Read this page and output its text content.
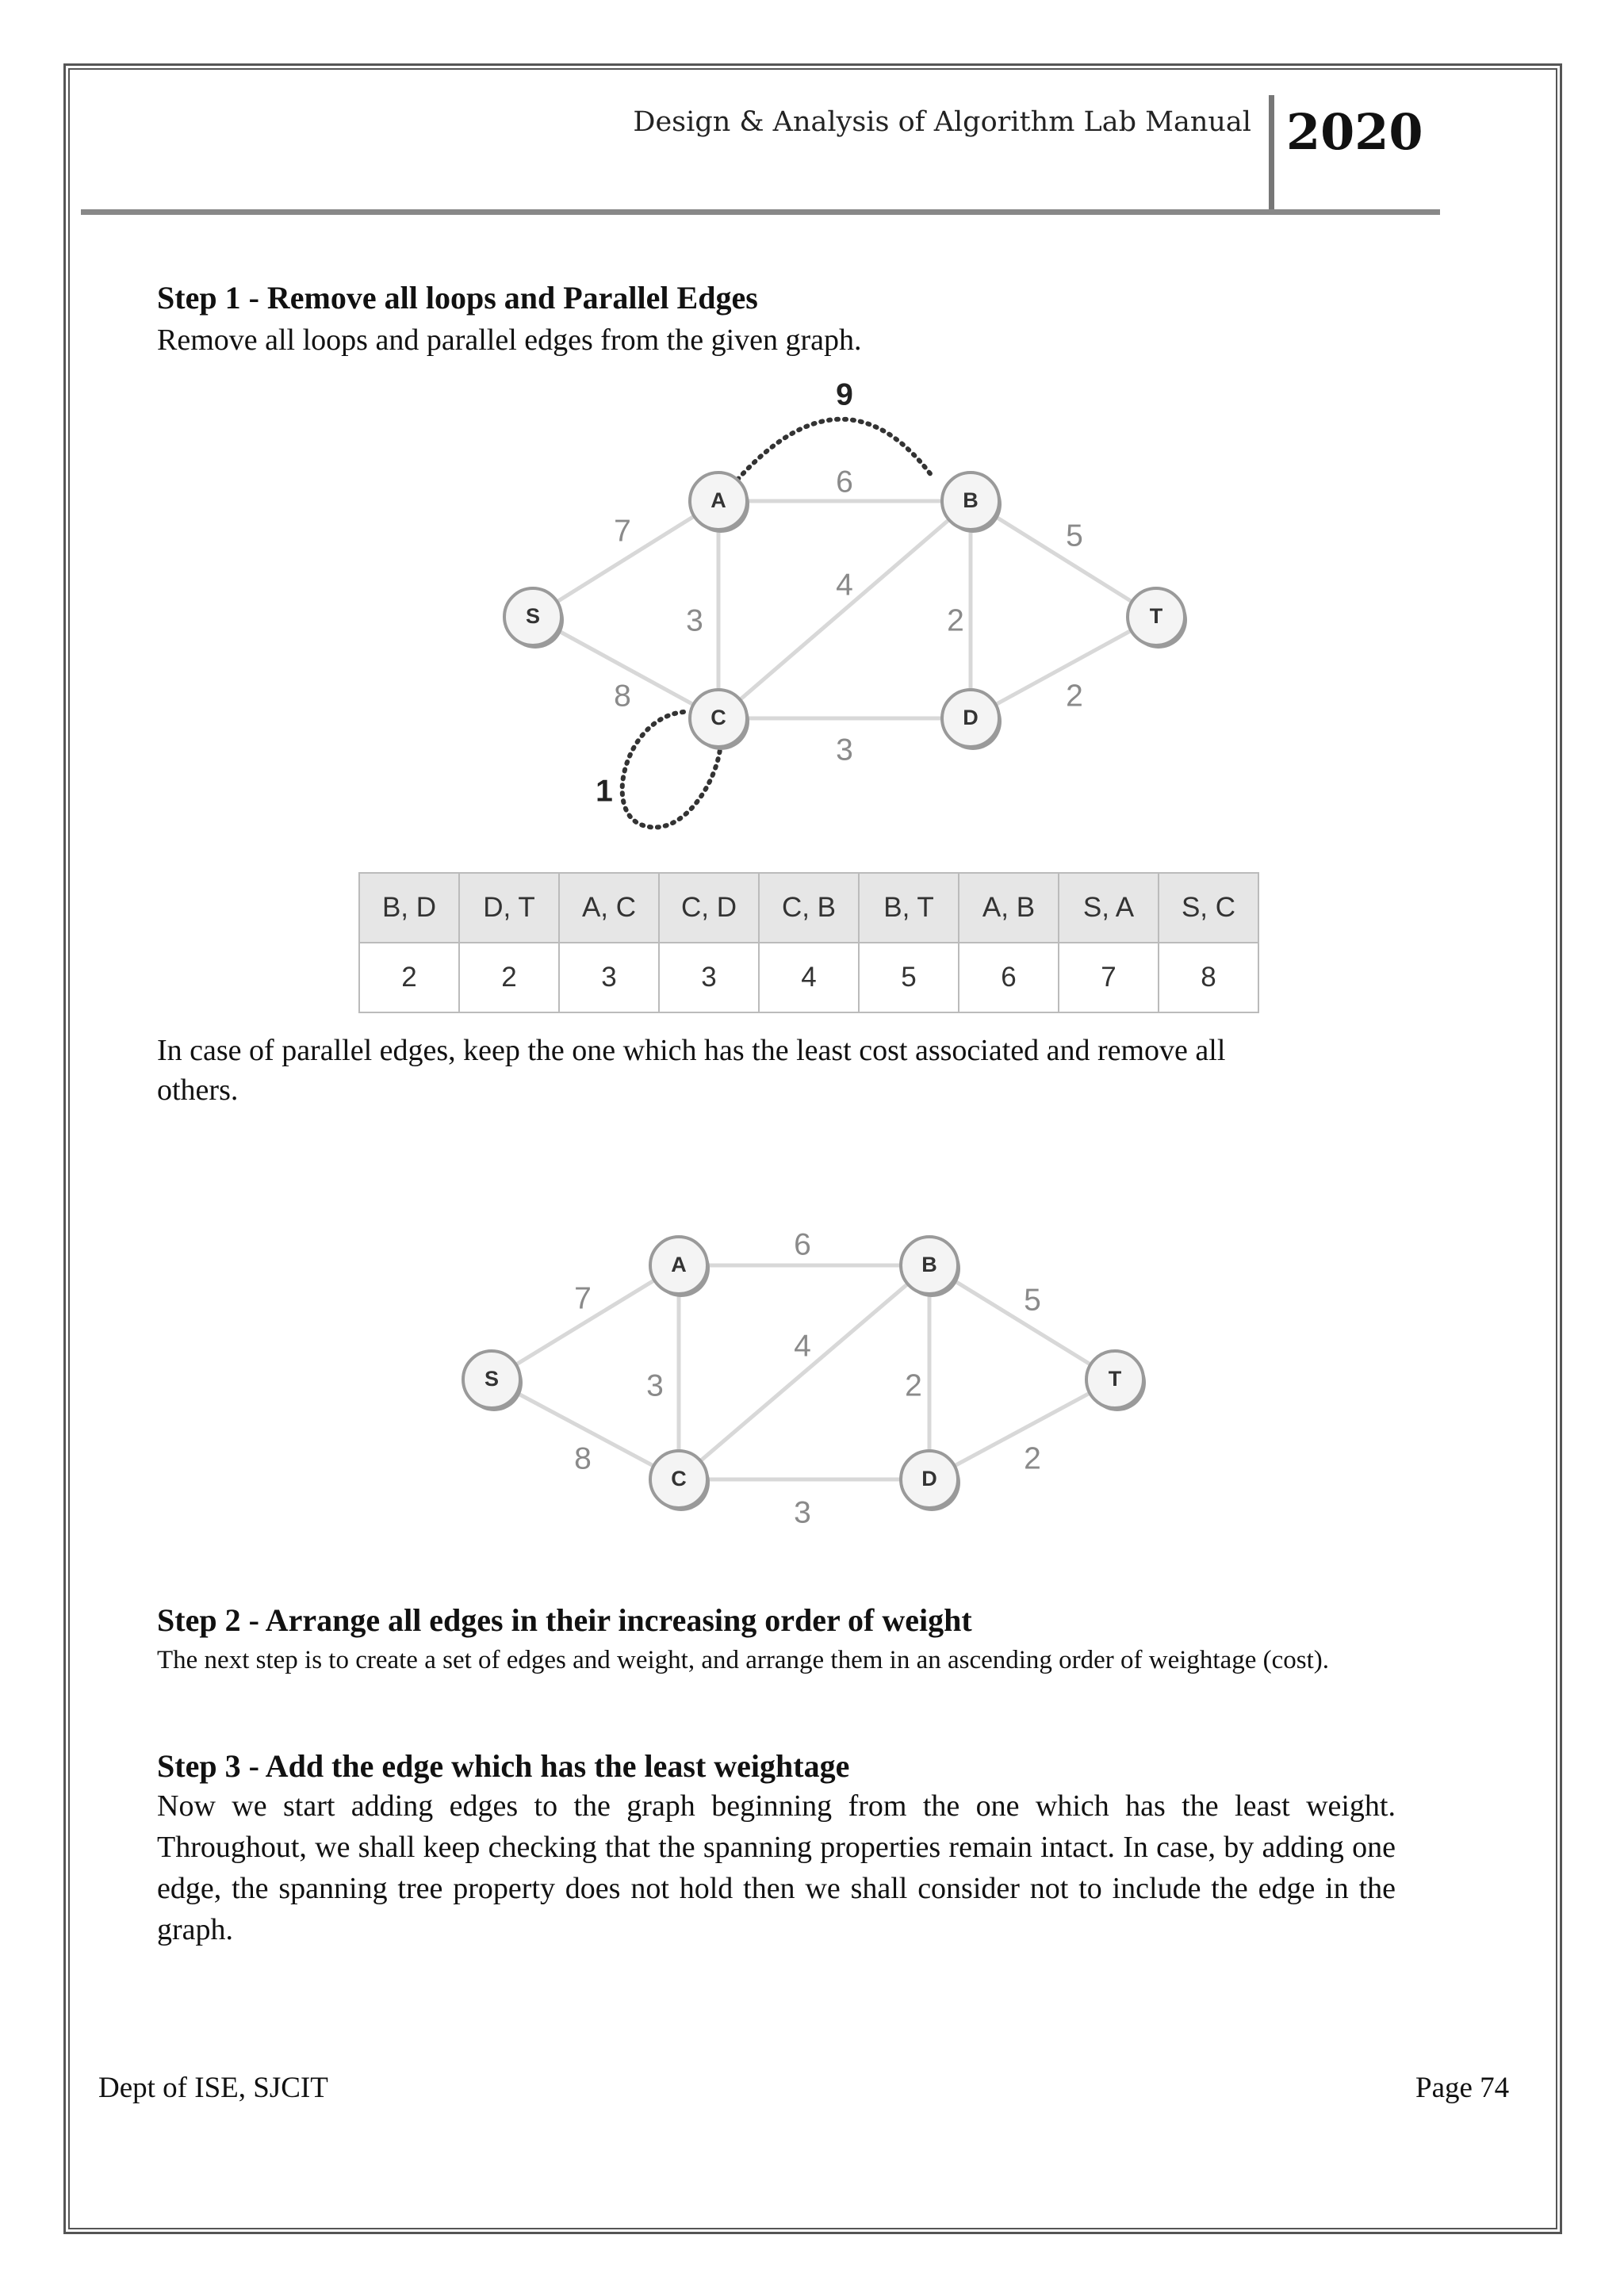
Design & Analysis of Algorithm Lab Manual 2020
Step 1 - Remove all loops and Parallel Edges
Remove all loops and parallel edges from the given graph.
7
8
6
3
4
2
5
3
2
9
1
S
A	B
C	D
T
7
8
6
3
4
2
5
3
2
S
A	B
C	D
T
B, D	D, T	A, C	C, D	C, B	B, T	A, B	S, A	S, C
2	2	3	3	4	5	6	7	8
In case of parallel edges, keep the one which has the least cost associated and remove all
others.
Step 2 - Arrange all edges in their increasing order of weight
The next step is to create a set of edges and weight, and arrange them in an ascending order of weightage (cost).
Step 3 - Add the edge which has the least weightage
Now we start adding edges to the graph beginning from the one which has the least weight. Throughout, we shall keep checking that the spanning properties remain intact. In case, by adding one edge, the spanning tree property does not hold then we shall consider not to include the edge in the graph.
Dept of ISE, SJCIT	Page 74
